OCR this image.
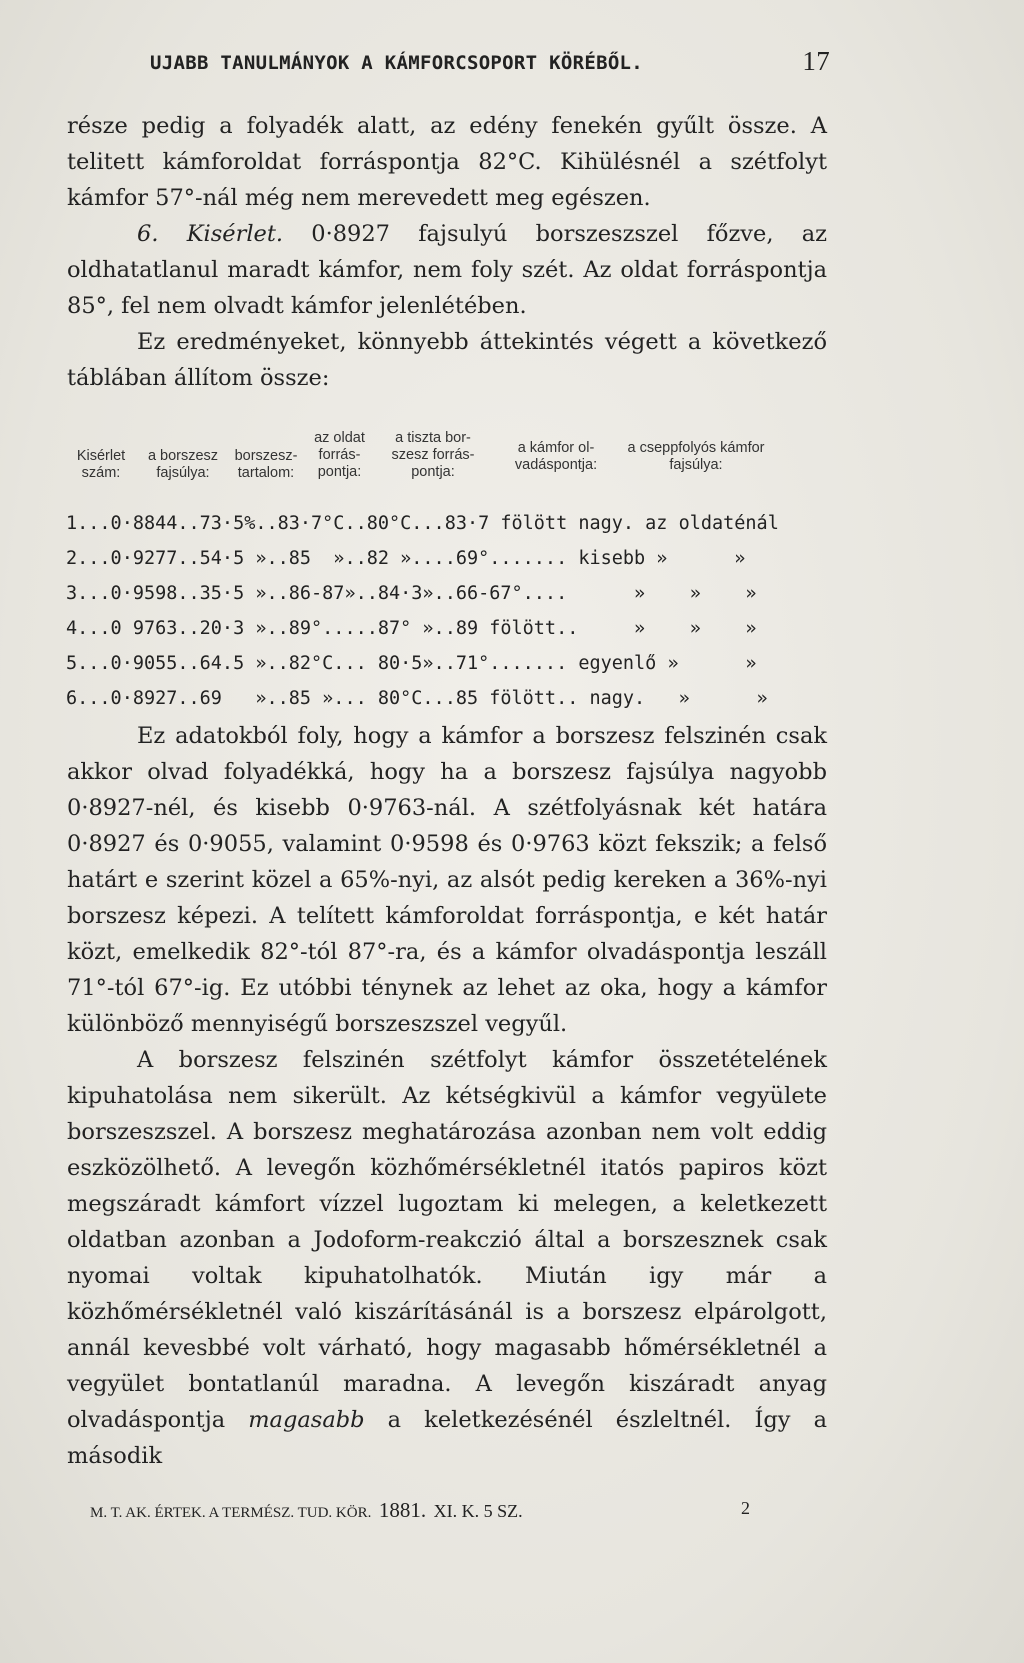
UJABB TANULMÁNYOK A KÁMFORCSOPORT KÖRÉBŐL.	17

része pedig a folyadék alatt, az edény fenekén gyűlt össze. A telitett kámforoldat forráspontja 82°C. Kihülésnél a szétfolyt kámfor 57°-nál még nem merevedett meg egészen.

6. Kisérlet. 0·8927 fajsulyú borszeszszel főzve, az oldhatatlanul maradt kámfor, nem foly szét. Az oldat forráspontja 85°, fel nem olvadt kámfor jelenlétében.

Ez eredményeket, könnyebb áttekintés végett a következő táblában állítom össze:

Kisérlet szám:
a borszesz fajsúlya:
borszesz-tartalom:
az oldat forrás-pontja:
a tiszta bor-szesz forrás-pontja:
a kámfor ol-vadáspontja:
a cseppfolyós kámfor fajsúlya:
1...0·8844..73·5%..83·7°C..80°C...83·7 fölött nagy. az oldaténál
2...0·9277..54·5 »..85  »..82 »....69°....... kisebb »      »
3...0·9598..35·5 »..86-87»..84·3»..66-67°....      »    »    »
4...0 9763..20·3 »..89°.....87° »..89 fölött..     »    »    »
5...0·9055..64.5 »..82°C... 80·5»..71°....... egyenlő »      »
6...0·8927..69   »..85 »... 80°C...85 fölött.. nagy.   »      »

Ez adatokból foly, hogy a kámfor a borszesz felszinén csak akkor olvad folyadékká, hogy ha a borszesz fajsúlya nagyobb 0·8927-nél, és kisebb 0·9763-nál. A szétfolyásnak két határa 0·8927 és 0·9055, valamint 0·9598 és 0·9763 közt fekszik; a felső határt e szerint közel a 65%-nyi, az alsót pedig kereken a 36%-nyi borszesz képezi. A telített kámforoldat forráspontja, e két határ közt, emelkedik 82°-tól 87°-ra, és a kámfor olvadáspontja leszáll 71°-tól 67°-ig. Ez utóbbi ténynek az lehet az oka, hogy a kámfor különböző mennyiségű borszeszszel vegyűl.

A borszesz felszinén szétfolyt kámfor összetételének kipuhatolása nem sikerült. Az kétségkivül a kámfor vegyülete borszeszszel. A borszesz meghatározása azonban nem volt eddig eszközölhető. A levegőn közhőmérsékletnél itatós papiros közt megszáradt kámfort vízzel lugoztam ki melegen, a keletkezett oldatban azonban a Jodoform-reakczió által a borszesznek csak nyomai voltak kipuhatolhatók. Miután igy már a közhőmérsékletnél való kiszárításánál is a borszesz elpárolgott, annál kevesbbé volt várható, hogy magasabb hőmérsékletnél a vegyület bontatlanúl maradna. A levegőn kiszáradt anyag olvadáspontja magasabb a keletkezésénél észleltnél. Így a második

M. T. AK. ÉRTEK. A TERMÉSZ. TUD. KÖR. 1881. XI. K. 5 SZ.	2
